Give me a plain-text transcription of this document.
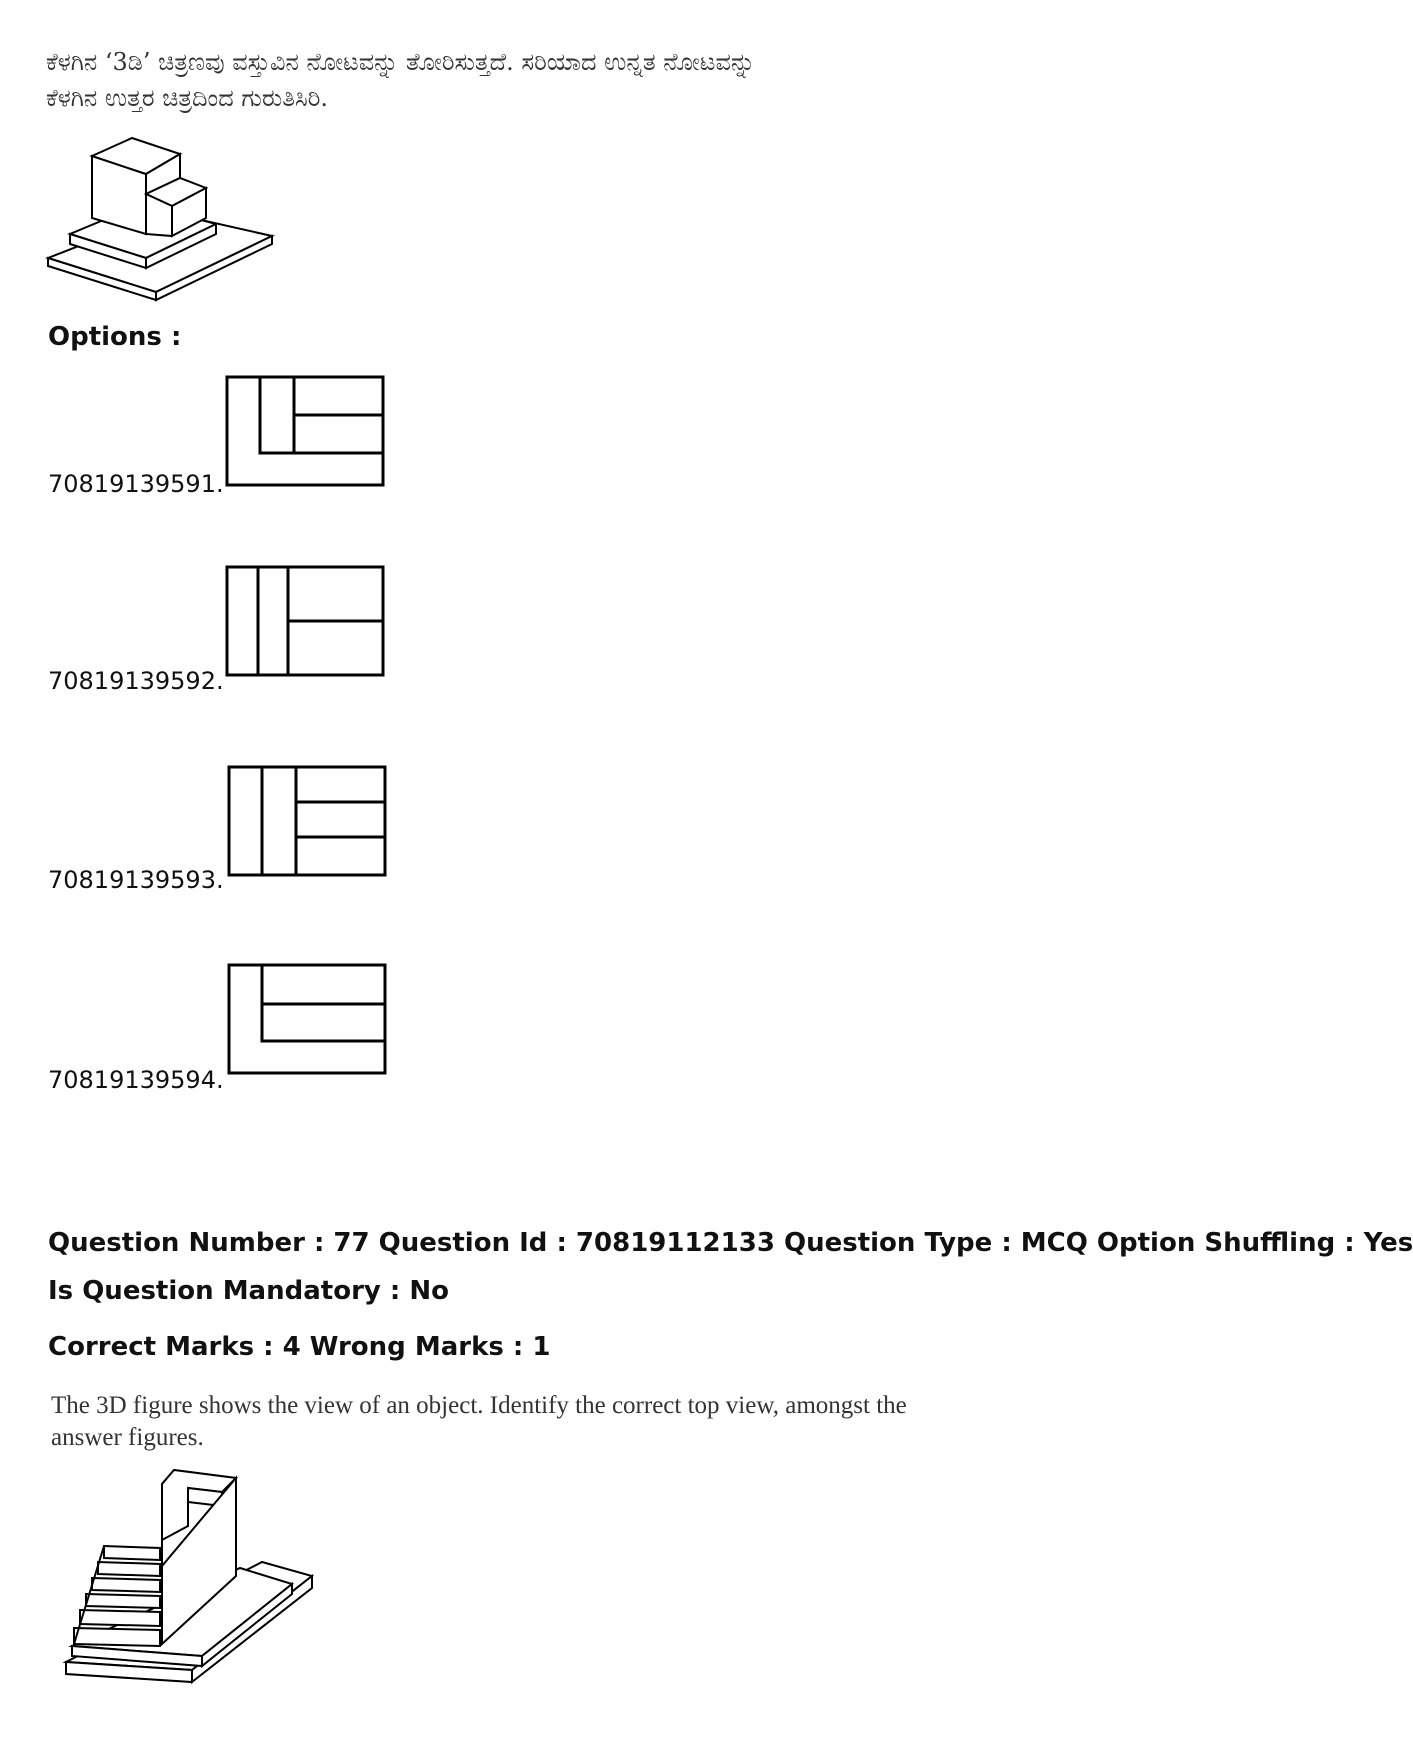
ಕೆಳಗಿನ ‘3ಡಿ’ ಚಿತ್ರಣವು ವಸ್ತುವಿನ ನೋಟವನ್ನು ತೋರಿಸುತ್ತದೆ. ಸರಿಯಾದ ಉನ್ನತ ನೋಟವನ್ನು
ಕೆಳಗಿನ ಉತ್ತರ ಚಿತ್ರದಿಂದ ಗುರುತಿಸಿರಿ.
Options :
70819139591.
70819139592.
70819139593.
70819139594.
Question Number : 77 Question Id : 70819112133 Question Type : MCQ Option Shuffling : Yes
Is Question Mandatory : No
Correct Marks : 4 Wrong Marks : 1
The 3D figure shows the view of an object. Identify the correct top view, amongst the
answer figures.
